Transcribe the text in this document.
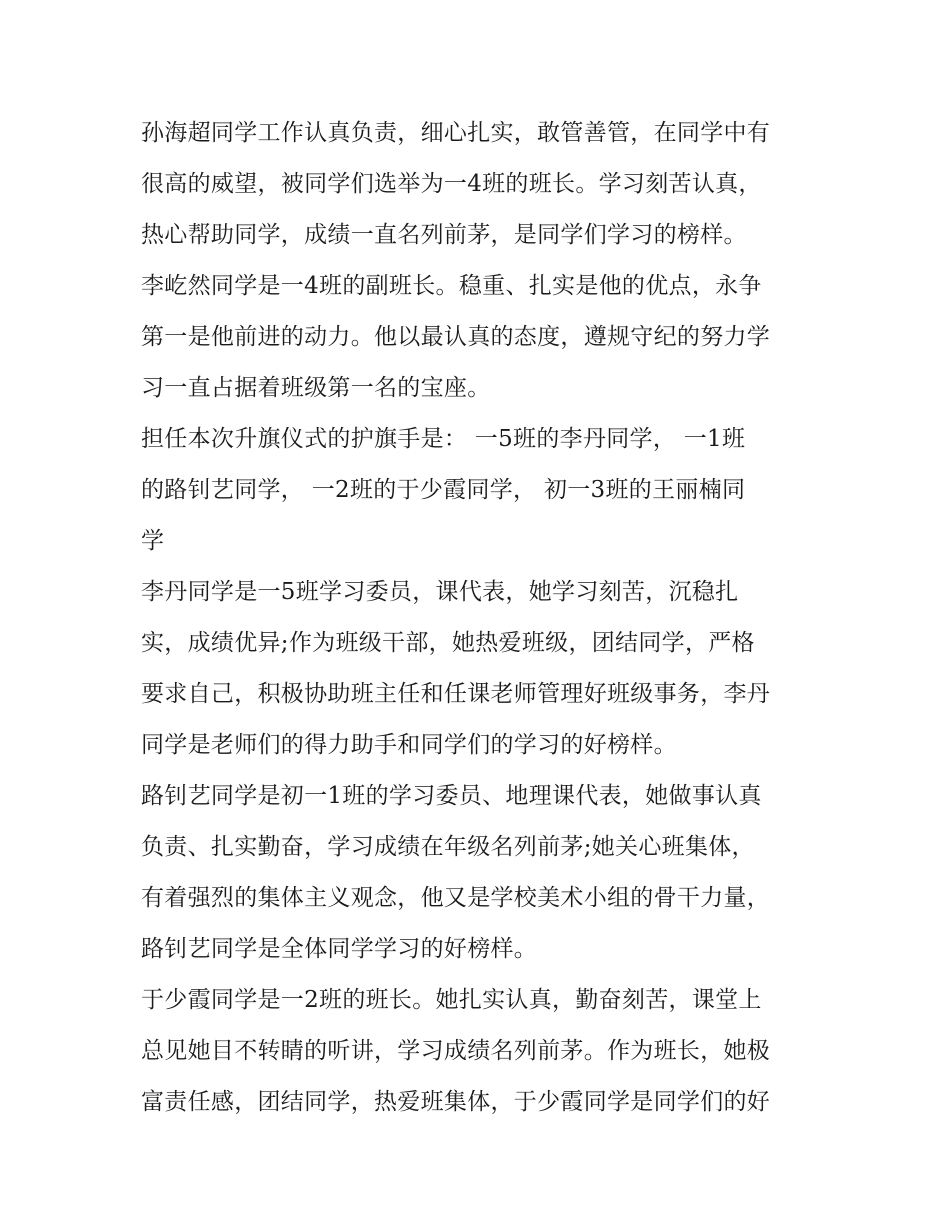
孙海超同学工作认真负责，细心扎实，敢管善管，在同学中有
很高的威望，被同学们选举为一4班的班长。学习刻苦认真，
热心帮助同学，成绩一直名列前茅，是同学们学习的榜样。

李屹然同学是一4班的副班长。稳重、扎实是他的优点，永争
第一是他前进的动力。他以最认真的态度，遵规守纪的努力学
习一直占据着班级第一名的宝座。

担任本次升旗仪式的护旗手是： 一5班的李丹同学， 一1班
的路钊艺同学， 一2班的于少霞同学， 初一3班的王丽楠同
学

李丹同学是一5班学习委员，课代表，她学习刻苦，沉稳扎
实，成绩优异;作为班级干部，她热爱班级，团结同学，严格
要求自己，积极协助班主任和任课老师管理好班级事务，李丹
同学是老师们的得力助手和同学们的学习的好榜样。

路钊艺同学是初一1班的学习委员、地理课代表，她做事认真
负责、扎实勤奋，学习成绩在年级名列前茅;她关心班集体，
有着强烈的集体主义观念，他又是学校美术小组的骨干力量，
路钊艺同学是全体同学学习的好榜样。

于少霞同学是一2班的班长。她扎实认真，勤奋刻苦，课堂上
总见她目不转睛的听讲，学习成绩名列前茅。作为班长，她极
富责任感，团结同学，热爱班集体，于少霞同学是同学们的好
